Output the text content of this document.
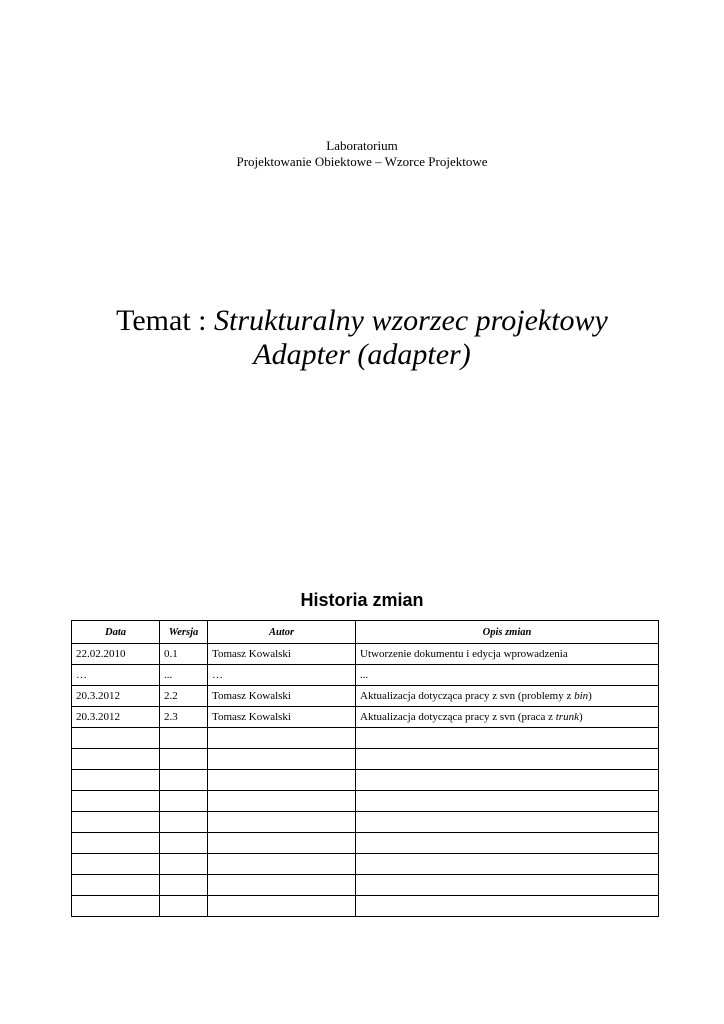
Laboratorium
Projektowanie Obiektowe – Wzorce Projektowe
Temat : Strukturalny wzorzec projektowy
Adapter (adapter)
Historia zmian
Data	Wersja	Autor	Opis zmian
22.02.2010	0.1	Tomasz Kowalski	Utworzenie dokumentu i edycja wprowadzenia
…	...	…	...
20.3.2012	2.2	Tomasz Kowalski	Aktualizacja dotycząca pracy z svn (problemy z bin)
20.3.2012	2.3	Tomasz Kowalski	Aktualizacja dotycząca pracy z svn (praca z trunk)
